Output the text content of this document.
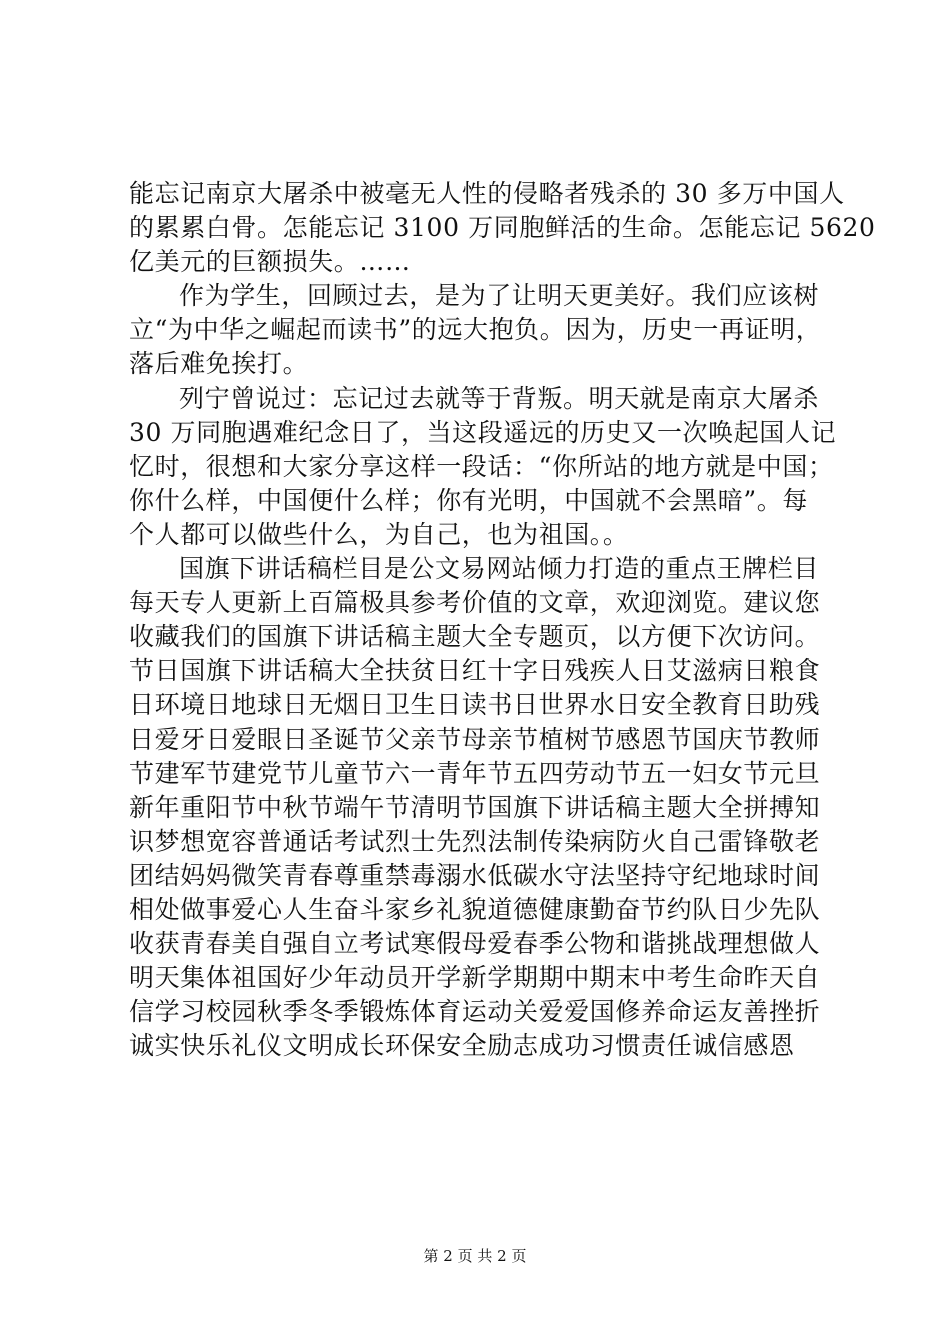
能忘记南京大屠杀中被毫无人性的侵略者残杀的 30 多万中国人
的累累白骨。怎能忘记 3100 万同胞鲜活的生命。怎能忘记 5620
亿美元的巨额损失。……
作为学生，回顾过去，是为了让明天更美好。我们应该树
立“为中华之崛起而读书”的远大抱负。因为，历史一再证明，
落后难免挨打。
列宁曾说过：忘记过去就等于背叛。明天就是南京大屠杀
30 万同胞遇难纪念日了，当这段遥远的历史又一次唤起国人记
忆时，很想和大家分享这样一段话：“你所站的地方就是中国；
你什么样，中国便什么样；你有光明，中国就不会黑暗”。每
个人都可以做些什么，为自己，也为祖国。。
国旗下讲话稿栏目是公文易网站倾力打造的重点王牌栏目
每天专人更新上百篇极具参考价值的文章，欢迎浏览。建议您
收藏我们的国旗下讲话稿主题大全专题页，以方便下次访问。
节日国旗下讲话稿大全扶贫日红十字日残疾人日艾滋病日粮食
日环境日地球日无烟日卫生日读书日世界水日安全教育日助残
日爱牙日爱眼日圣诞节父亲节母亲节植树节感恩节国庆节教师
节建军节建党节儿童节六一青年节五四劳动节五一妇女节元旦
新年重阳节中秋节端午节清明节国旗下讲话稿主题大全拼搏知
识梦想宽容普通话考试烈士先烈法制传染病防火自己雷锋敬老
团结妈妈微笑青春尊重禁毒溺水低碳水守法坚持守纪地球时间
相处做事爱心人生奋斗家乡礼貌道德健康勤奋节约队日少先队
收获青春美自强自立考试寒假母爱春季公物和谐挑战理想做人
明天集体祖国好少年动员开学新学期期中期末中考生命昨天自
信学习校园秋季冬季锻炼体育运动关爱爱国修养命运友善挫折
诚实快乐礼仪文明成长环保安全励志成功习惯责任诚信感恩
第 2 页 共 2 页
